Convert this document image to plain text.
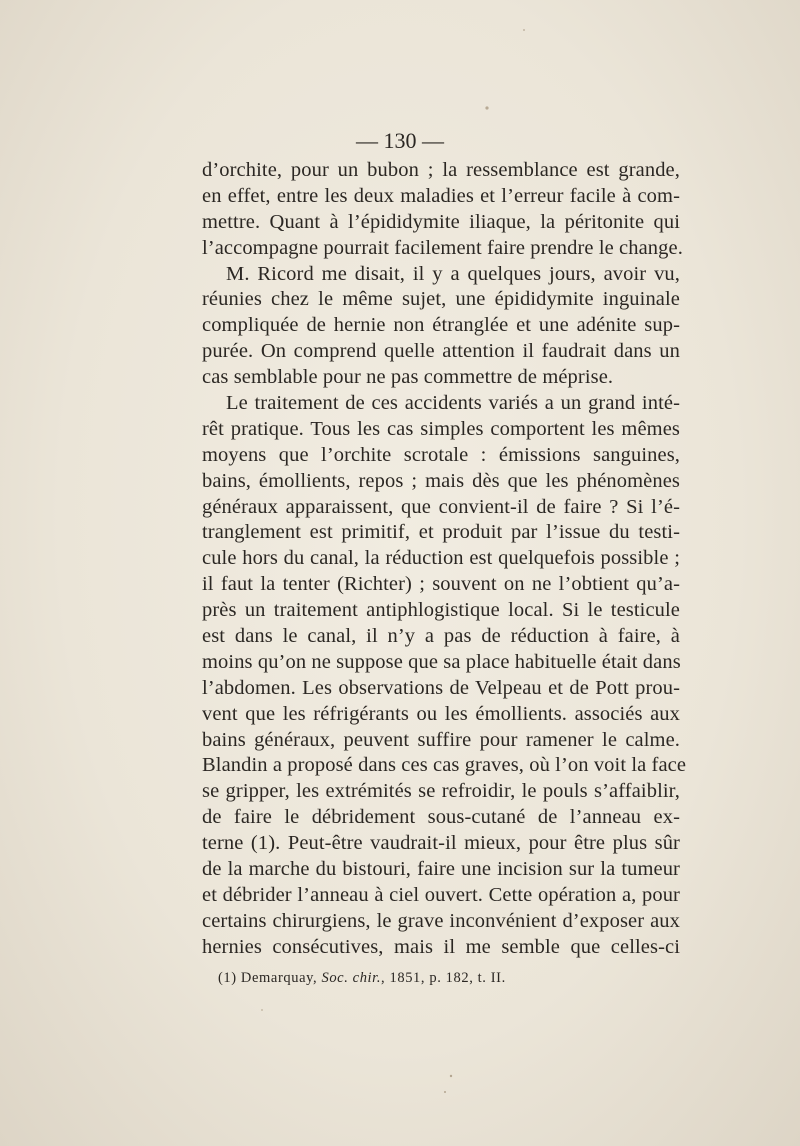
— 130 —
d’orchite, pour un bubon ; la ressemblance est grande,
en effet, entre les deux maladies et l’erreur facile à com-
mettre. Quant à l’épididymite iliaque, la péritonite qui
l’accompagne pourrait facilement faire prendre le change.
M. Ricord me disait, il y a quelques jours, avoir vu,
réunies chez le même sujet, une épididymite inguinale
compliquée de hernie non étranglée et une adénite sup-
purée. On comprend quelle attention il faudrait dans un
cas semblable pour ne pas commettre de méprise.
Le traitement de ces accidents variés a un grand inté-
rêt pratique. Tous les cas simples comportent les mêmes
moyens que l’orchite scrotale : émissions sanguines,
bains, émollients, repos ; mais dès que les phénomènes
généraux apparaissent, que convient-il de faire ? Si l’é-
tranglement est primitif, et produit par l’issue du testi-
cule hors du canal, la réduction est quelquefois possible ;
il faut la tenter (Richter) ; souvent on ne l’obtient qu’a-
près un traitement antiphlogistique local. Si le testicule
est dans le canal, il n’y a pas de réduction à faire, à
moins qu’on ne suppose que sa place habituelle était dans
l’abdomen. Les observations de Velpeau et de Pott prou-
vent que les réfrigérants ou les émollients. associés aux
bains généraux, peuvent suffire pour ramener le calme.
Blandin a proposé dans ces cas graves, où l’on voit la face
se gripper, les extrémités se refroidir, le pouls s’affaiblir,
de faire le débridement sous-cutané de l’anneau ex-
terne (1). Peut-être vaudrait-il mieux, pour être plus sûr
de la marche du bistouri, faire une incision sur la tumeur
et débrider l’anneau à ciel ouvert. Cette opération a, pour
certains chirurgiens, le grave inconvénient d’exposer aux
hernies consécutives, mais il me semble que celles-ci
(1) Demarquay, Soc. chir., 1851, p. 182, t. II.
